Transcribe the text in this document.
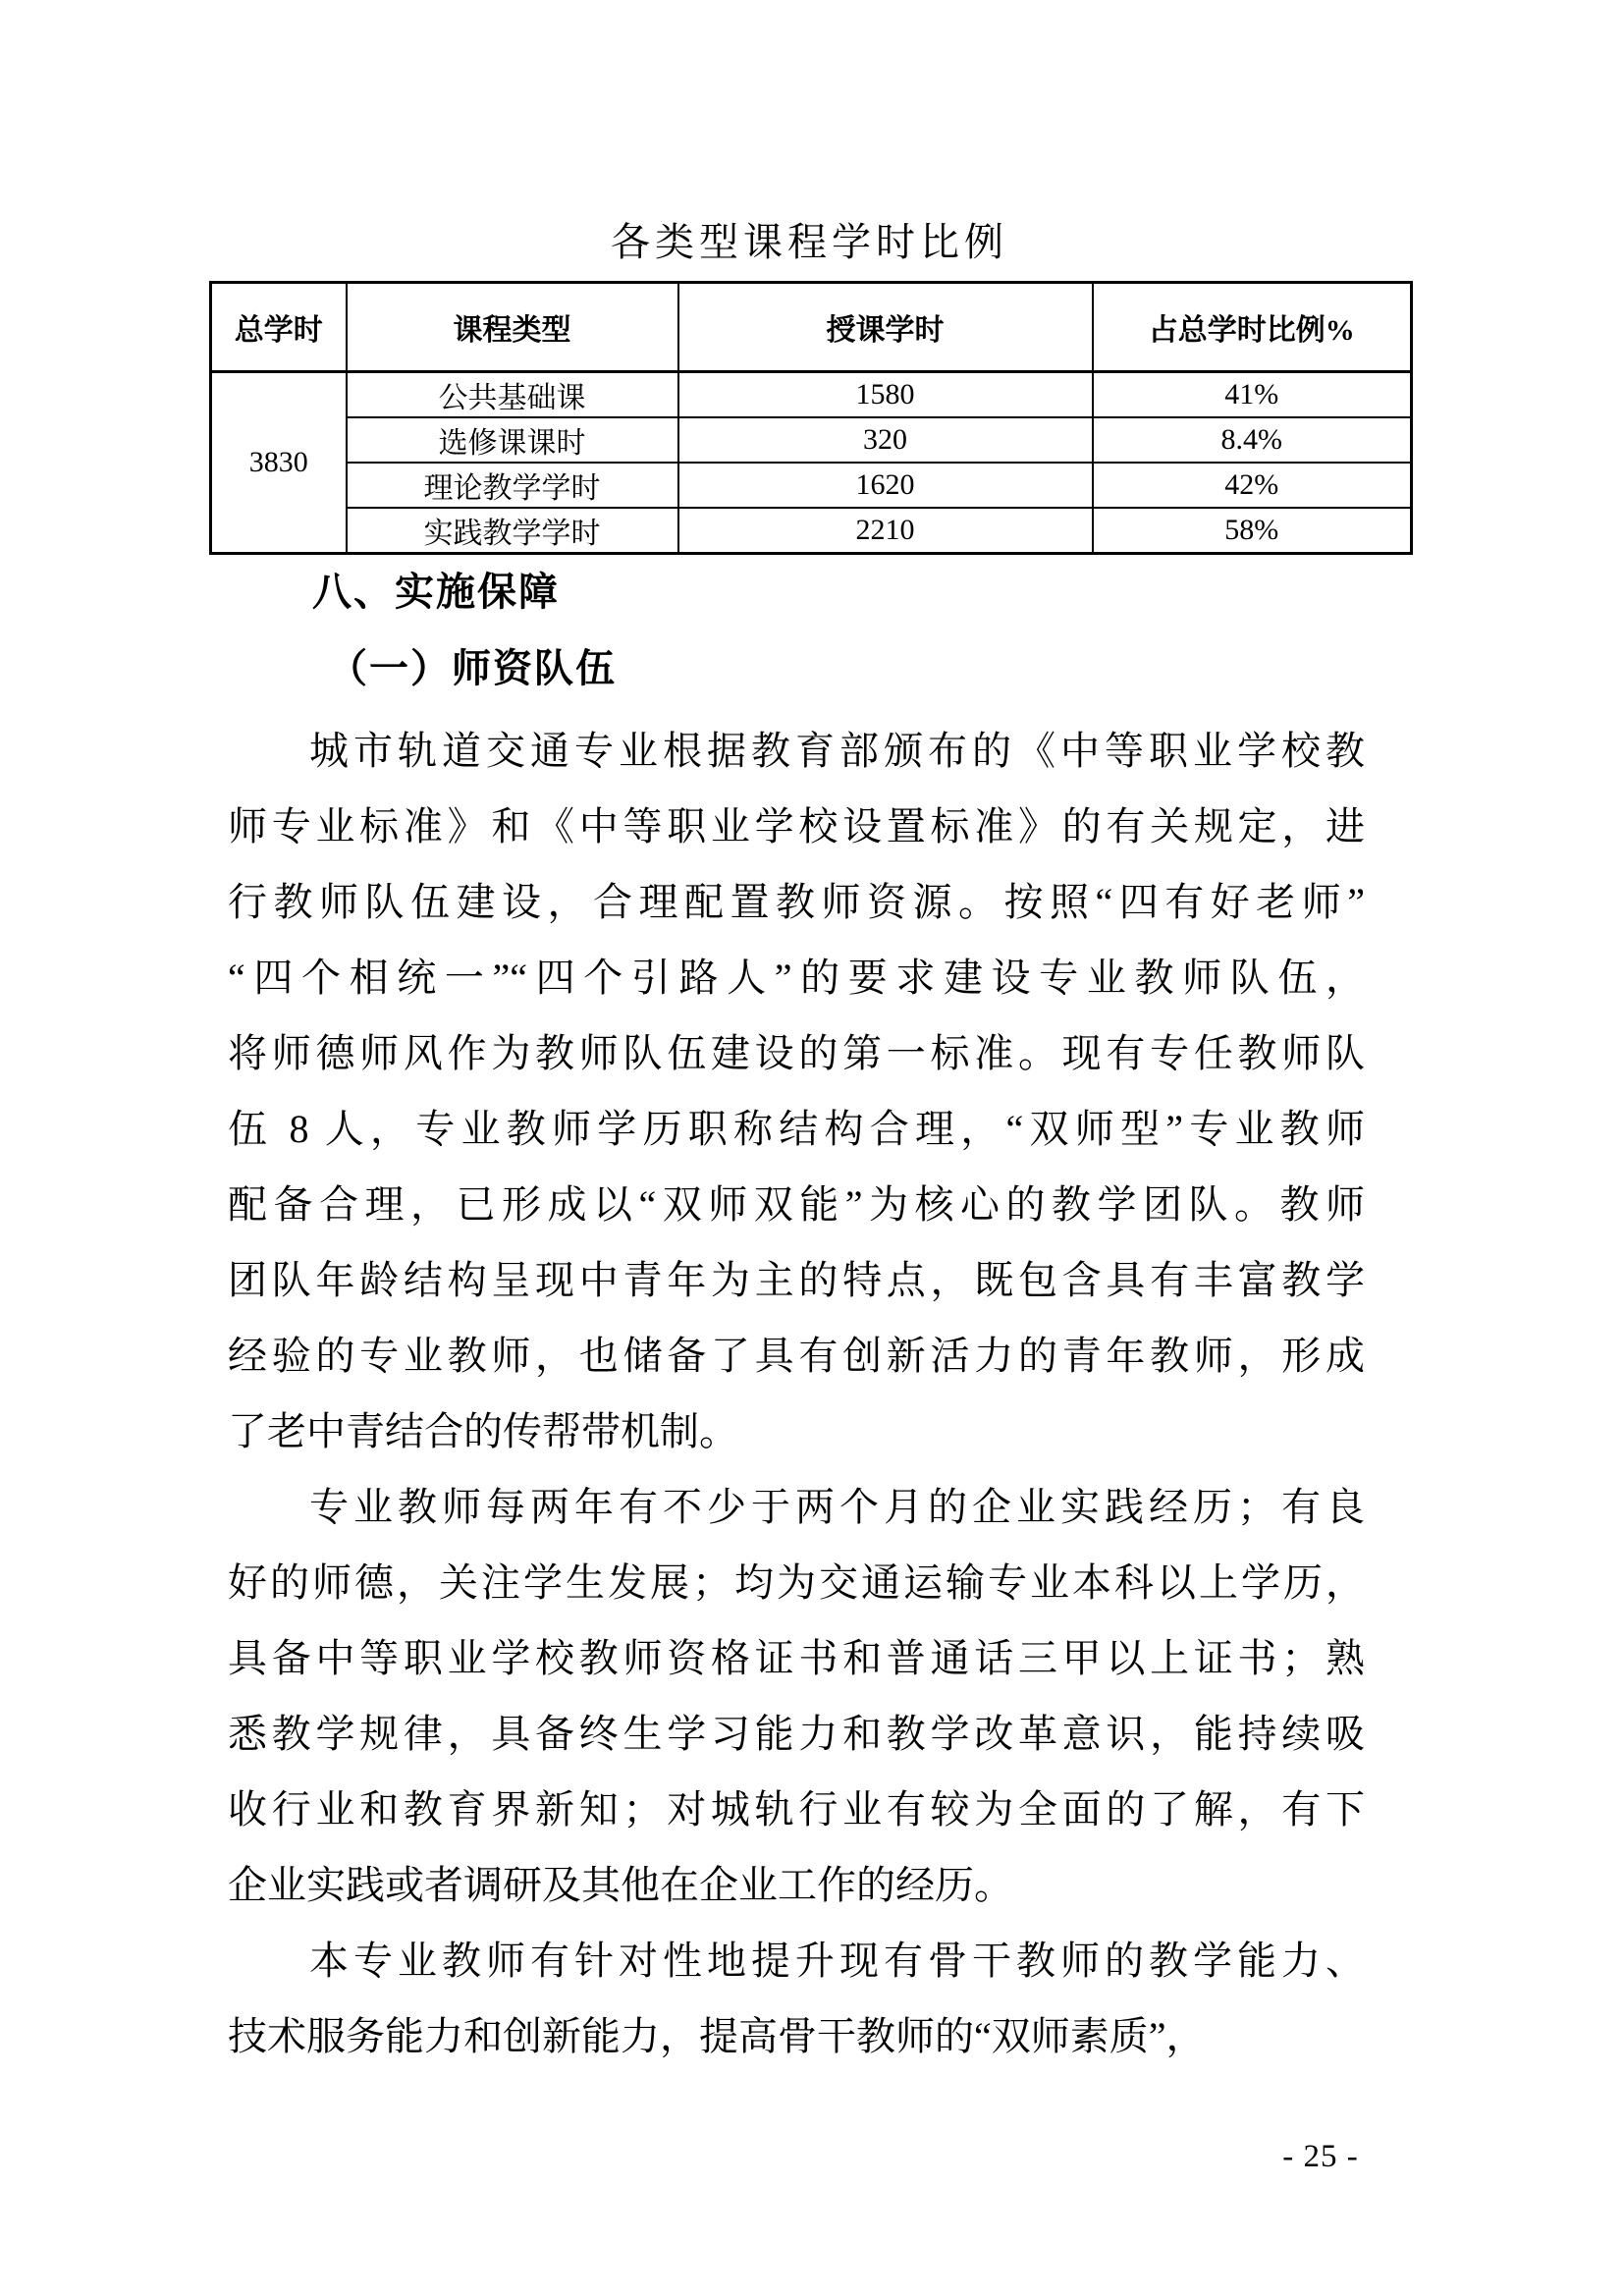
各类型课程学时比例
总学时	课程类型	授课学时	占总学时比例%
3830	公共基础课	1580	41%
	选修课课时	320	8.4%
	理论教学学时	1620	42%
	实践教学学时	2210	58%
八、实施保障
（一）师资队伍
城市轨道交通专业根据教育部颁布的《中等职业学校教
师专业标准》和《中等职业学校设置标准》的有关规定，进
行教师队伍建设，合理配置教师资源。按照“四有好老师”
“四个相统一”“四个引路人”的要求建设专业教师队伍，
将师德师风作为教师队伍建设的第一标准。现有专任教师队
伍 8 人，专业教师学历职称结构合理，“双师型”专业教师
配备合理，已形成以“双师双能”为核心的教学团队。教师
团队年龄结构呈现中青年为主的特点，既包含具有丰富教学
经验的专业教师，也储备了具有创新活力的青年教师，形成
了老中青结合的传帮带机制。
专业教师每两年有不少于两个月的企业实践经历；有良
好的师德，关注学生发展；均为交通运输专业本科以上学历，
具备中等职业学校教师资格证书和普通话三甲以上证书；熟
悉教学规律，具备终生学习能力和教学改革意识，能持续吸
收行业和教育界新知；对城轨行业有较为全面的了解，有下
企业实践或者调研及其他在企业工作的经历。
本专业教师有针对性地提升现有骨干教师的教学能力、
技术服务能力和创新能力，提高骨干教师的“双师素质”，
- 25 -
